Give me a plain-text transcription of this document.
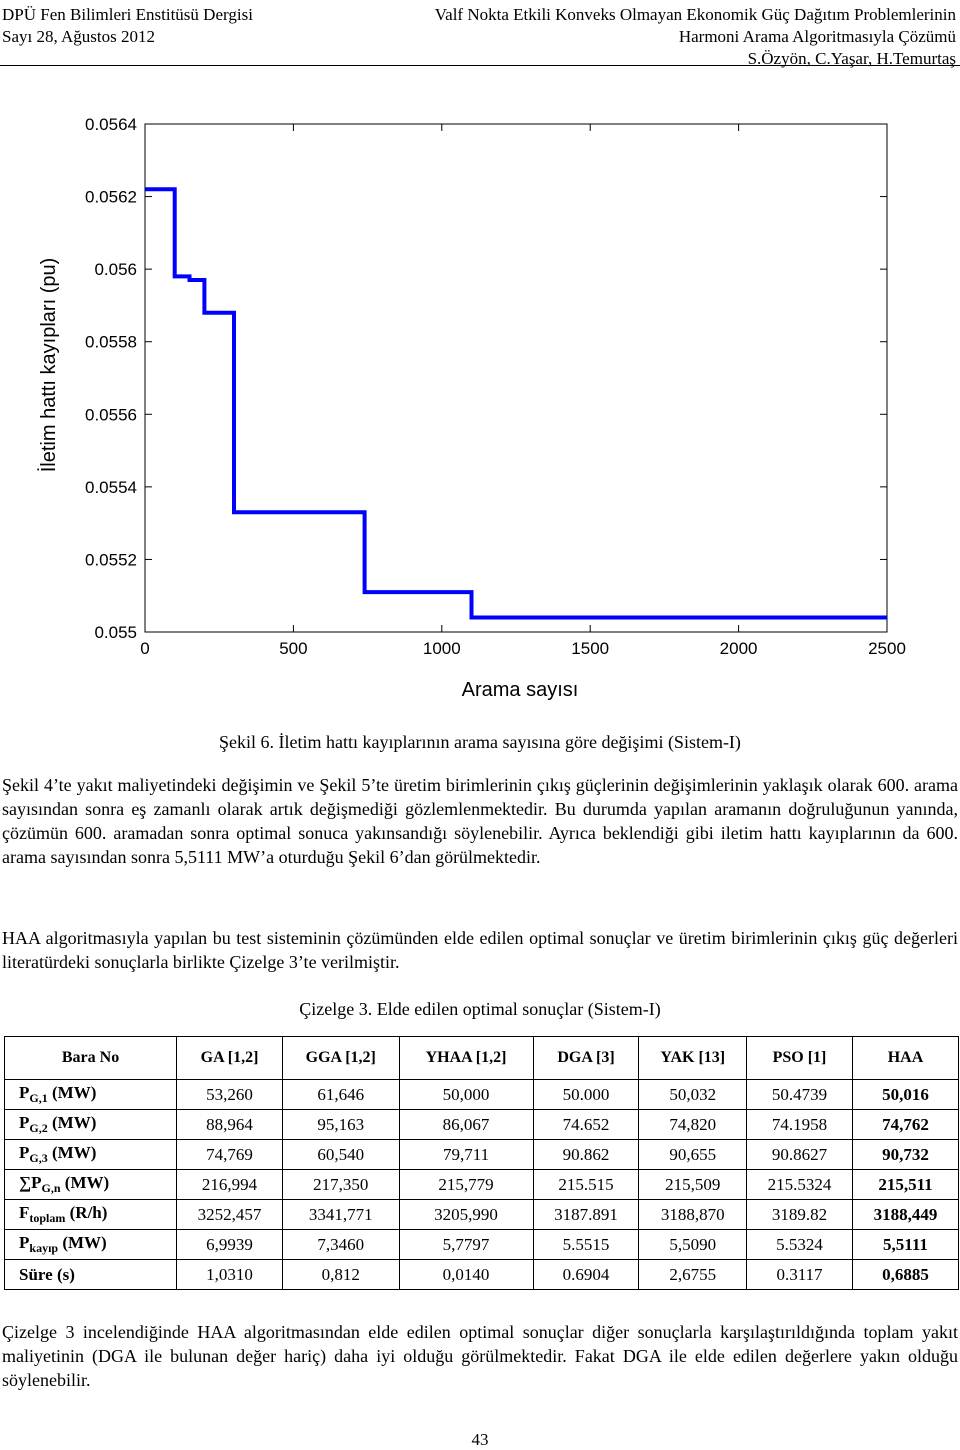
DPÜ Fen Bilimleri Enstitüsü Dergisi
Sayı 28, Ağustos 2012
Valf Nokta Etkili Konveks Olmayan Ekonomik Güç Dağıtım Problemlerinin
Harmoni Arama Algoritmasıyla Çözümü
S.Özyön, C.Yaşar, H.Temurtaş
0.0564
0.0562
0.056
0.0558
0.0556
0.0554
0.0552
0.055
0	500	1000	1500	2000	2500
Arama sayısı
İletim hattı kayıpları (pu)
Şekil 6. İletim hattı kayıplarının arama sayısına göre değişimi (Sistem-I)
Şekil 4’te yakıt maliyetindeki değişimin ve Şekil 5’te üretim birimlerinin çıkış güçlerinin değişimlerinin yaklaşık olarak 600. arama sayısından sonra eş zamanlı olarak artık değişmediği gözlemlenmektedir. Bu durumda yapılan aramanın doğruluğunun yanında, çözümün 600. aramadan sonra optimal sonuca yakınsandığı söylenebilir. Ayrıca beklendiği gibi iletim hattı kayıplarının da 600. arama sayısından sonra 5,5111 MW’a oturduğu Şekil 6’dan görülmektedir.
HAA algoritmasıyla yapılan bu test sisteminin çözümünden elde edilen optimal sonuçlar ve üretim birimlerinin çıkış güç değerleri literatürdeki sonuçlarla birlikte Çizelge 3’te verilmiştir.
Çizelge 3. Elde edilen optimal sonuçlar (Sistem-I)
Bara No	GA [1,2]	GGA [1,2]	YHAA [1,2]	DGA [3]	YAK [13]	PSO [1]	HAA
$P_{G,1}$ (MW)	53,260	61,646	50,000	50.000	50,032	50.4739	50,016
$P_{G,2}$ (MW)	88,964	95,163	86,067	74.652	74,820	74.1958	74,762
$P_{G,3}$ (MW)	74,769	60,540	79,711	90.862	90,655	90.8627	90,732
$\sum P_{G,n}$ (MW)	216,994	217,350	215,779	215.515	215,509	215.5324	215,511
$F_{toplam}$ (R/h)	3252,457	3341,771	3205,990	3187.891	3188,870	3189.82	3188,449
$P_{kayıp}$ (MW)	6,9939	7,3460	5,7797	5.5515	5,5090	5.5324	5,5111
Süre (s)	1,0310	0,812	0,0140	0.6904	2,6755	0.3117	0,6885
Çizelge 3 incelendiğinde HAA algoritmasından elde edilen optimal sonuçlar diğer sonuçlarla karşılaştırıldığında toplam yakıt maliyetinin (DGA ile bulunan değer hariç) daha iyi olduğu görülmektedir. Fakat DGA ile elde edilen değerlere yakın olduğu söylenebilir.
43
